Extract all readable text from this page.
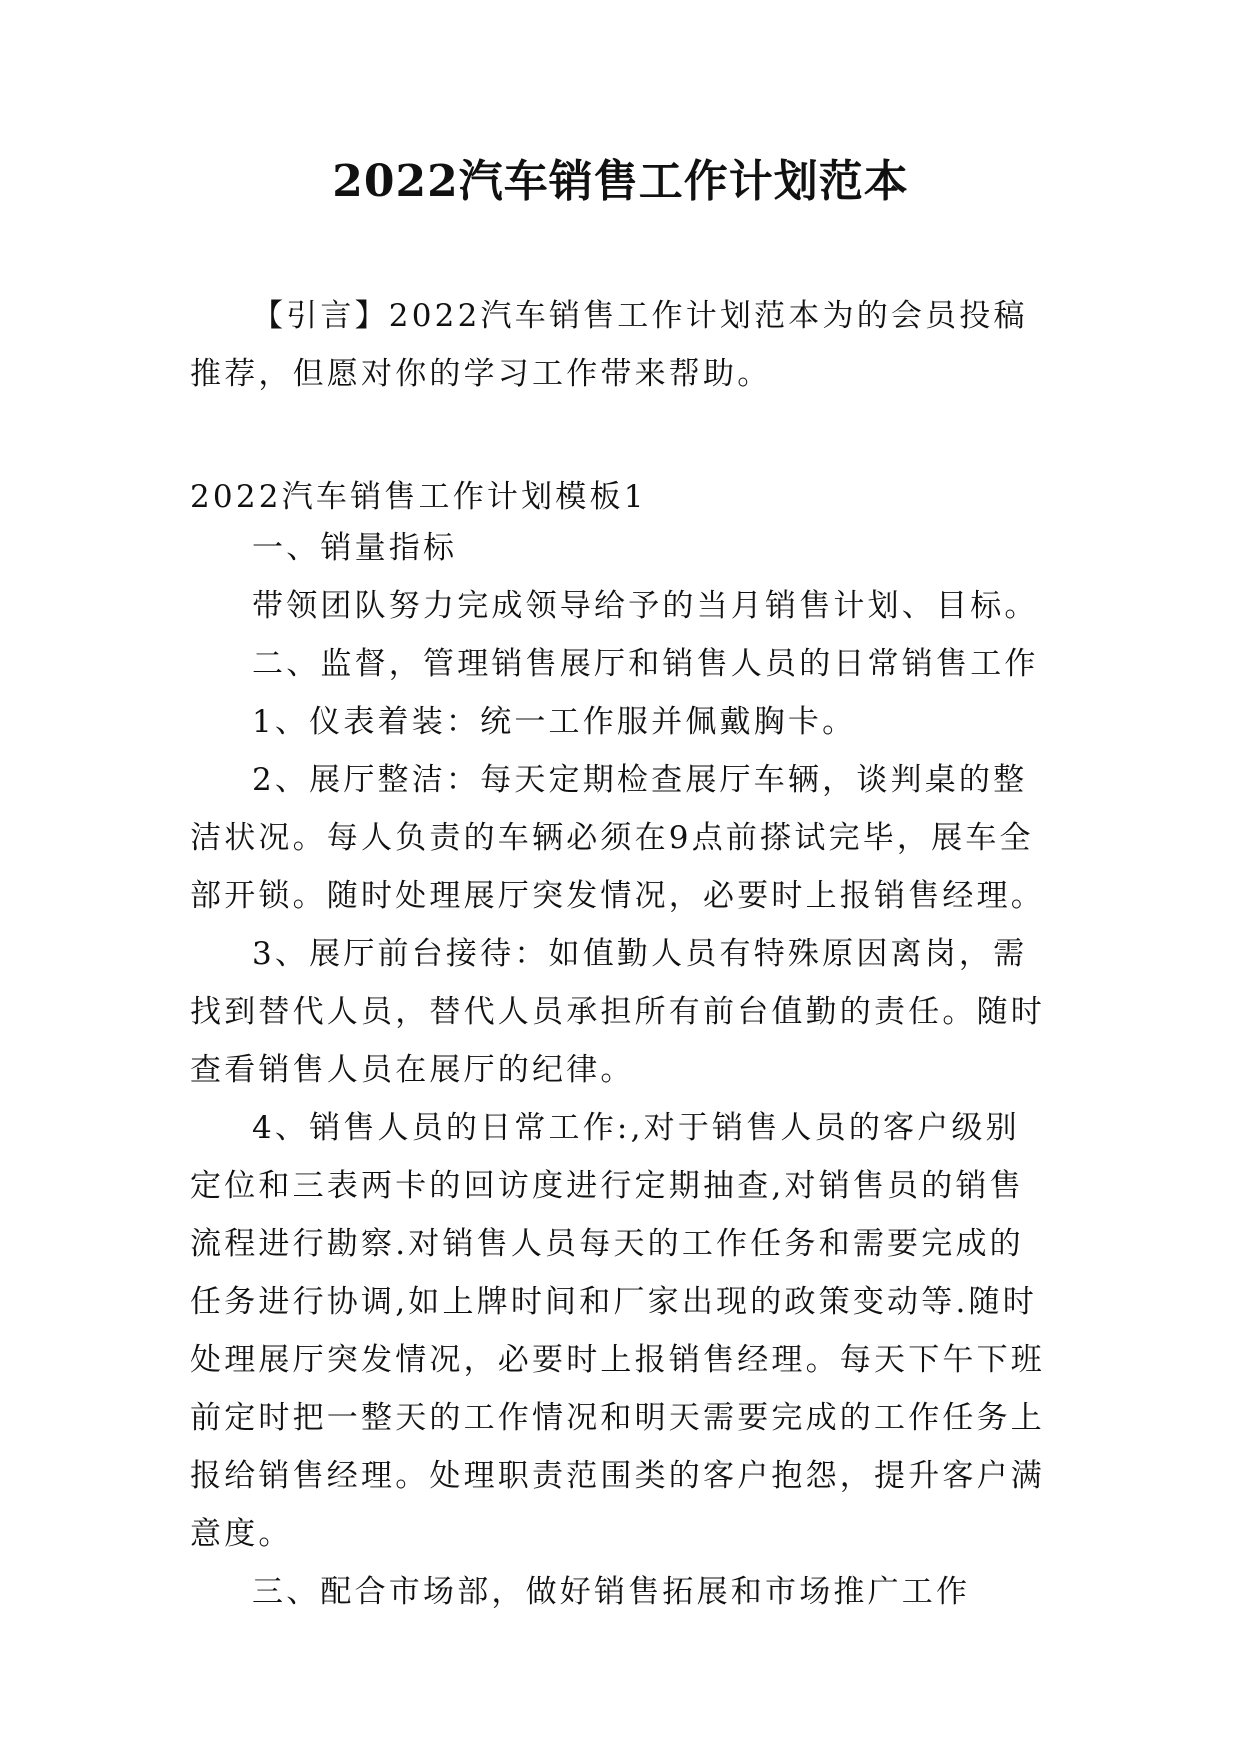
2022汽车销售工作计划范本
【引言】2022汽车销售工作计划范本为的会员投稿推荐，但愿对你的学习工作带来帮助。
2022汽车销售工作计划模板1

一、销量指标

带领团队努力完成领导给予的当月销售计划、目标。

二、监督，管理销售展厅和销售人员的日常销售工作

1、仪表着装：统一工作服并佩戴胸卡。

2、展厅整洁：每天定期检查展厅车辆，谈判桌的整洁状况。每人负责的车辆必须在9点前搽试完毕，展车全部开锁。随时处理展厅突发情况，必要时上报销售经理。

3、展厅前台接待：如值勤人员有特殊原因离岗，需找到替代人员，替代人员承担所有前台值勤的责任。随时查看销售人员在展厅的纪律。

4、销售人员的日常工作:,对于销售人员的客户级别定位和三表两卡的回访度进行定期抽查,对销售员的销售流程进行勘察.对销售人员每天的工作任务和需要完成的任务进行协调,如上牌时间和厂家出现的政策变动等.随时处理展厅突发情况，必要时上报销售经理。每天下午下班前定时把一整天的工作情况和明天需要完成的工作任务上报给销售经理。处理职责范围类的客户抱怨，提升客户满意度。

三、配合市场部，做好销售拓展和市场推广工作
